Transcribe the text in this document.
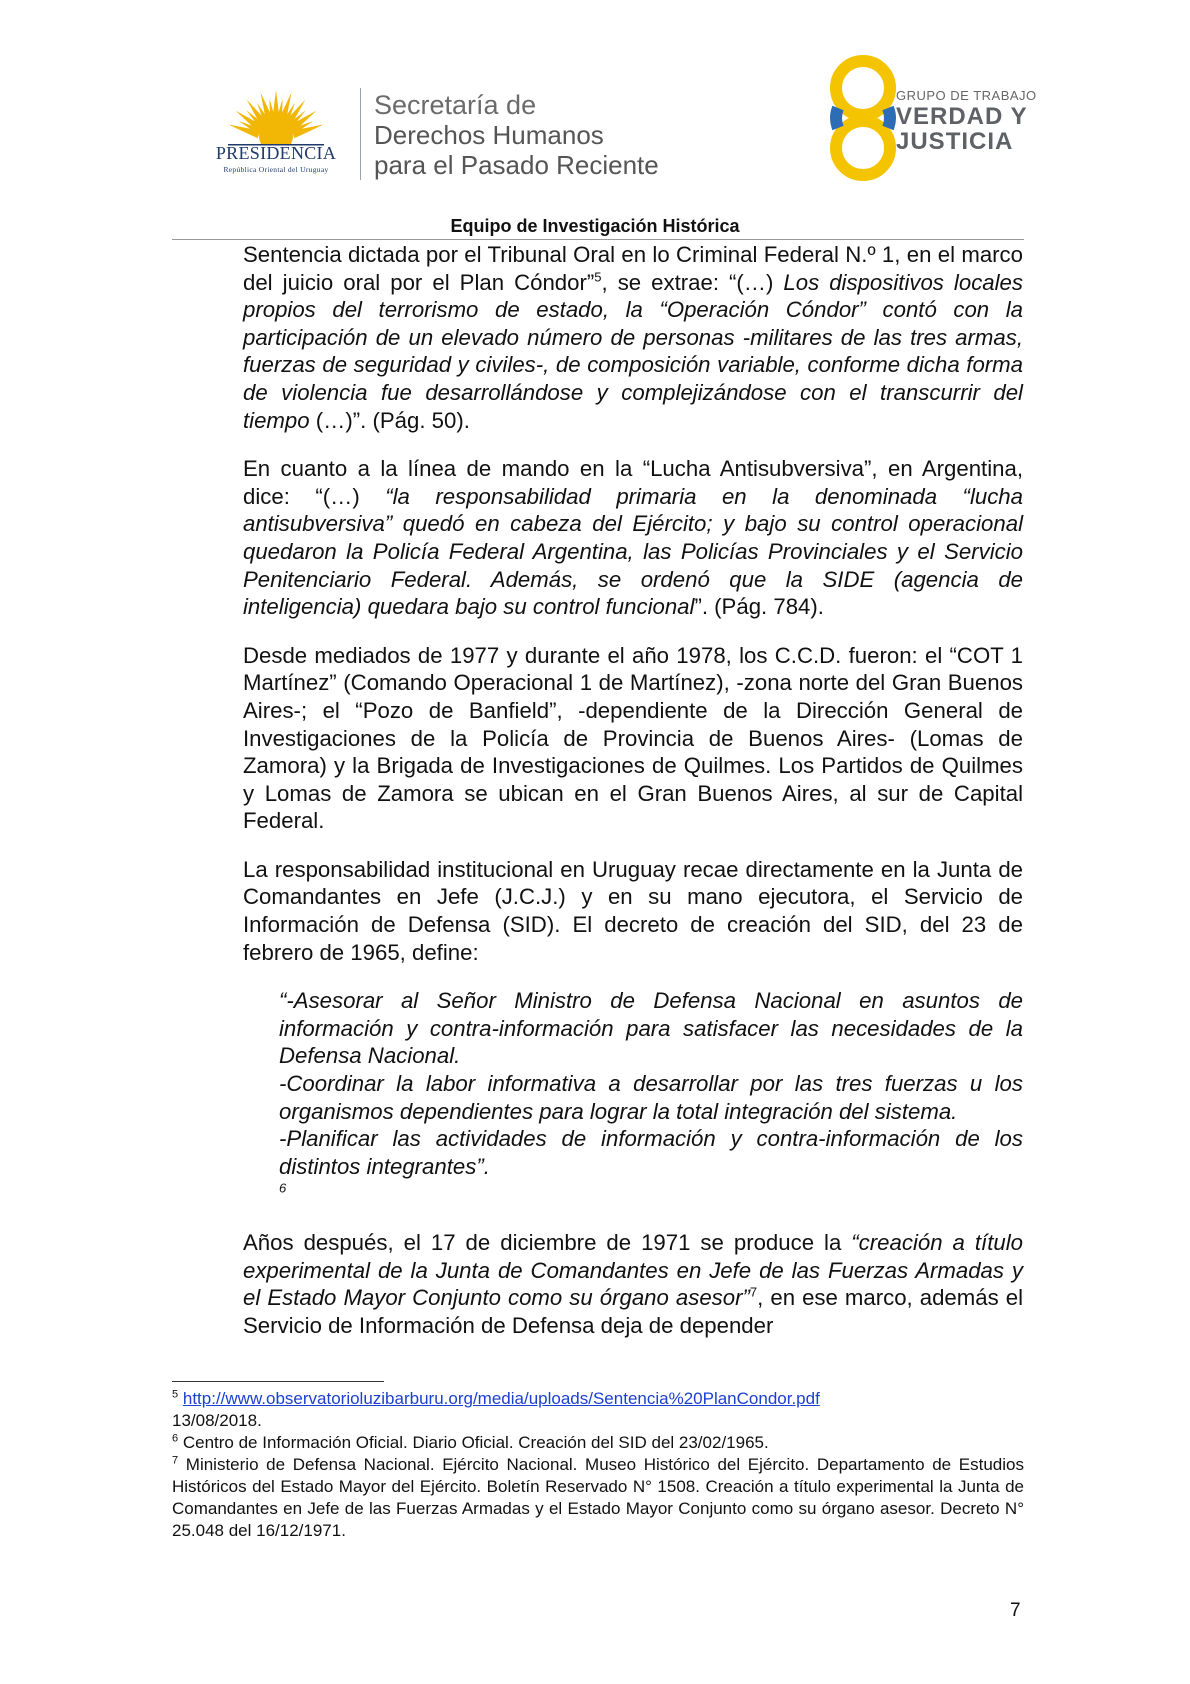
PRESIDENCIA
República Oriental del Uruguay
Secretaría de
Derechos Humanos
para el Pasado Reciente
GRUPO DE TRABAJO
VERDAD Y
JUSTICIA
Equipo de Investigación Histórica

Sentencia dictada por el Tribunal Oral en lo Criminal Federal N.º 1, en el marco del juicio oral por el Plan Cóndor”$^5$, se extrae: “(…) Los dispositivos locales propios del terrorismo de estado, la “Operación Cóndor” contó con la participación de un elevado número de personas -militares de las tres armas, fuerzas de seguridad y civiles-, de composición variable, conforme dicha forma de violencia fue desarrollándose y complejizándose con el transcurrir del tiempo (…)”. (Pág. 50).

En cuanto a la línea de mando en la “Lucha Antisubversiva”, en Argentina, dice: “(…) “la responsabilidad primaria en la denominada “lucha antisubversiva” quedó en cabeza del Ejército; y bajo su control operacional quedaron la Policía Federal Argentina, las Policías Provinciales y el Servicio Penitenciario Federal. Además, se ordenó que la SIDE (agencia de inteligencia) quedara bajo su control funcional”. (Pág. 784).

Desde mediados de 1977 y durante el año 1978, los C.C.D. fueron: el “COT 1 Martínez” (Comando Operacional 1 de Martínez), -zona norte del Gran Buenos Aires-; el “Pozo de Banfield”, -dependiente de la Dirección General de Investigaciones de la Policía de Provincia de Buenos Aires- (Lomas de Zamora) y la Brigada de Investigaciones de Quilmes. Los Partidos de Quilmes y Lomas de Zamora se ubican en el Gran Buenos Aires, al sur de Capital Federal.

La responsabilidad institucional en Uruguay recae directamente en la Junta de Comandantes en Jefe (J.C.J.) y en su mano ejecutora, el Servicio de Información de Defensa (SID). El decreto de creación del SID, del 23 de febrero de 1965, define:

“-Asesorar al Señor Ministro de Defensa Nacional en asuntos de información y contra-información para satisfacer las necesidades de la Defensa Nacional.
-Coordinar la labor informativa a desarrollar por las tres fuerzas u los organismos dependientes para lograr la total integración del sistema.
-Planificar las actividades de información y contra-información de los distintos integrantes”.
$^6$

Años después, el 17 de diciembre de 1971 se produce la “creación a título experimental de la Junta de Comandantes en Jefe de las Fuerzas Armadas y el Estado Mayor Conjunto como su órgano asesor”$^7$, en ese marco, además el Servicio de Información de Defensa deja de depender

$^5$ http://www.observatorioluzibarburu.org/media/uploads/Sentencia%20PlanCondor.pdf
13/08/2018.

$^6$ Centro de Información Oficial. Diario Oficial. Creación del SID del 23/02/1965.

$^7$ Ministerio de Defensa Nacional. Ejército Nacional. Museo Histórico del Ejército. Departamento de Estudios Históricos del Estado Mayor del Ejército. Boletín Reservado N° 1508. Creación a título experimental la Junta de Comandantes en Jefe de las Fuerzas Armadas y el Estado Mayor Conjunto como su órgano asesor. Decreto N° 25.048 del 16/12/1971.

7
